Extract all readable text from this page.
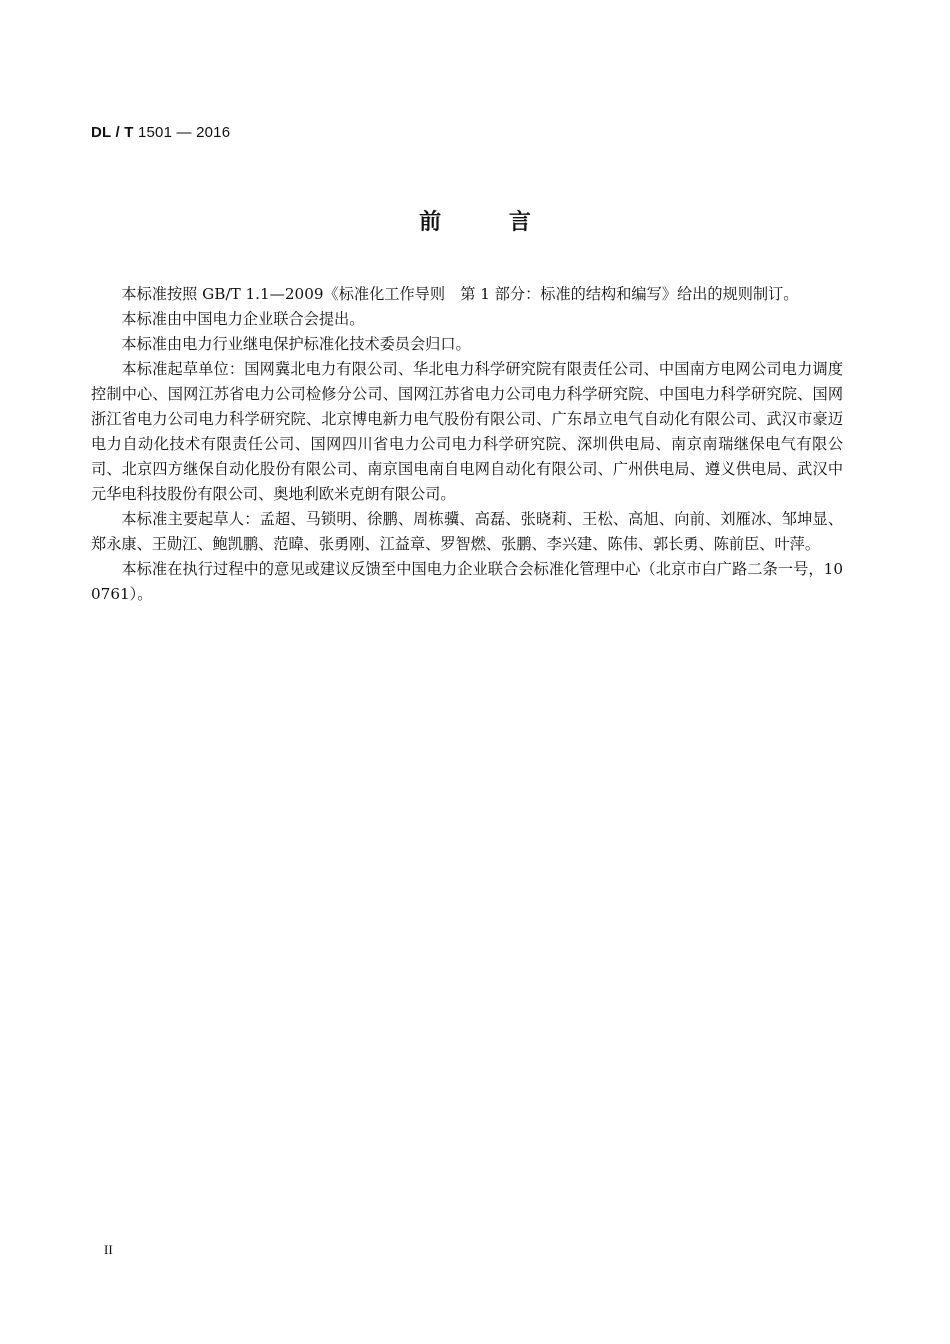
DL / T 1501 — 2016
前	言

本标准按照 GB/T 1.1—2009《标准化工作导则　第 1 部分：标准的结构和编写》给出的规则制订。

本标准由中国电力企业联合会提出。

本标准由电力行业继电保护标准化技术委员会归口。

本标准起草单位：国网冀北电力有限公司、华北电力科学研究院有限责任公司、中国南方电网公司电力调度控制中心、国网江苏省电力公司检修分公司、国网江苏省电力公司电力科学研究院、中国电力科学研究院、国网浙江省电力公司电力科学研究院、北京博电新力电气股份有限公司、广东昂立电气自动化有限公司、武汉市豪迈电力自动化技术有限责任公司、国网四川省电力公司电力科学研究院、深圳供电局、南京南瑞继保电气有限公司、北京四方继保自动化股份有限公司、南京国电南自电网自动化有限公司、广州供电局、遵义供电局、武汉中元华电科技股份有限公司、奥地利欧米克朗有限公司。

本标准主要起草人：孟超、马锁明、徐鹏、周栋骥、高磊、张晓莉、王松、高旭、向前、刘雁冰、邹坤显、郑永康、王勋江、鲍凯鹏、范暐、张勇刚、江益章、罗智燃、张鹏、李兴建、陈伟、郭长勇、陈前臣、叶萍。

本标准在执行过程中的意见或建议反馈至中国电力企业联合会标准化管理中心（北京市白广路二条一号，100761）。

II
